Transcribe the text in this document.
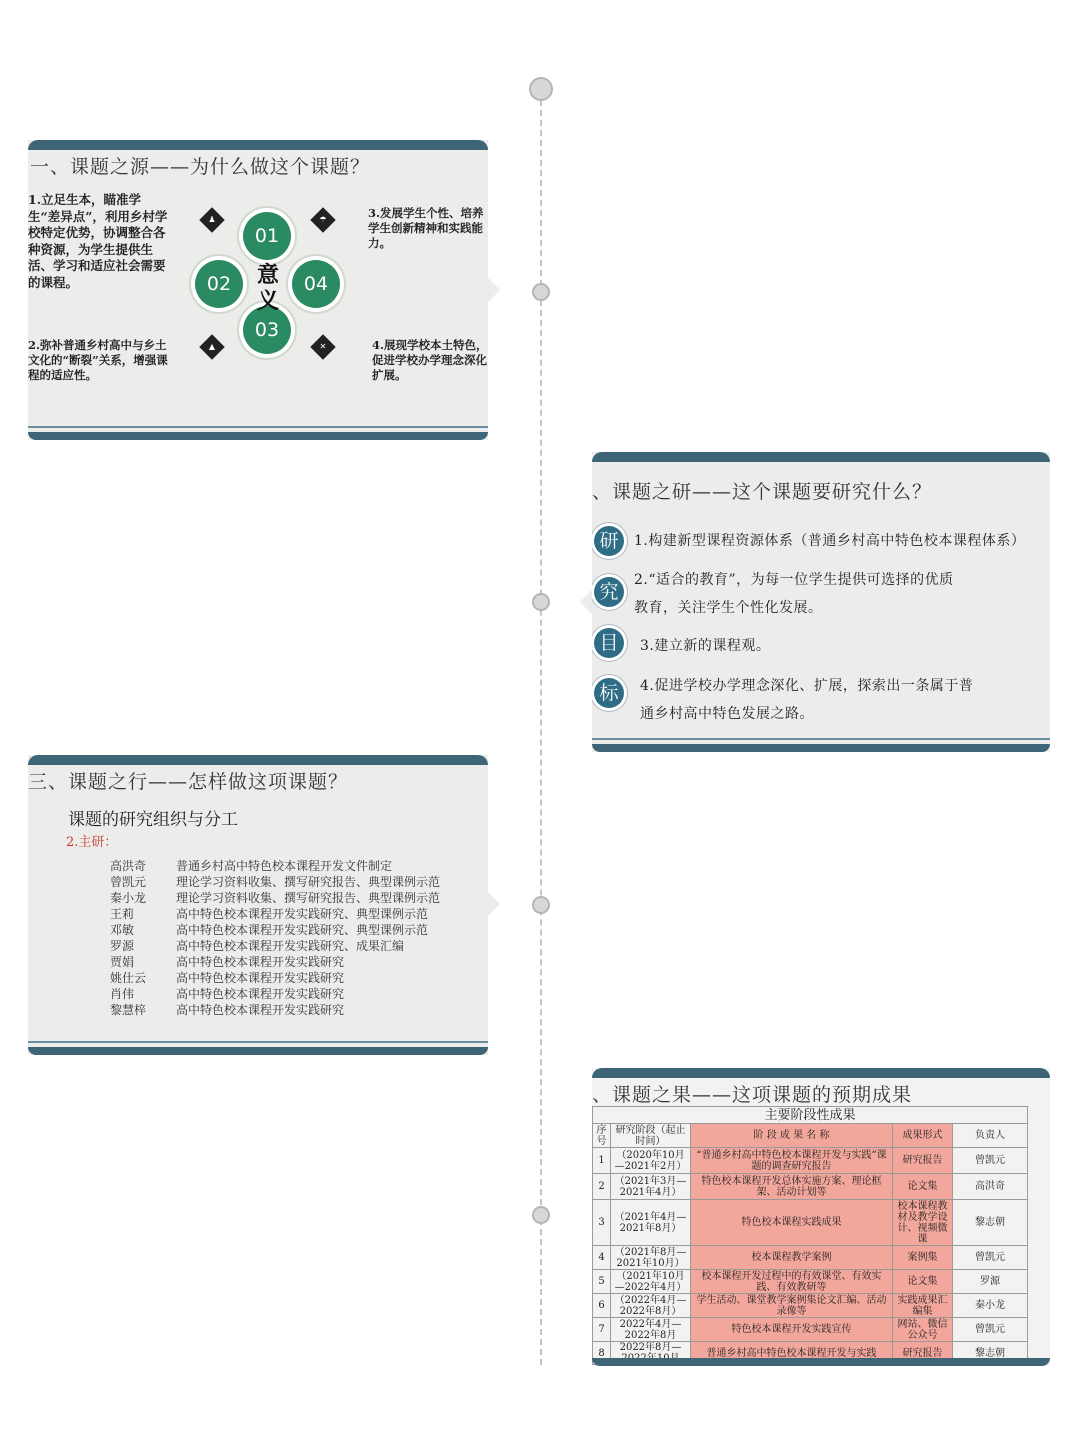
一、课题之源——为什么做这个课题？
1.立足生本，瞄准学生“差异点”，利用乡村学校特定优势，协调整合各种资源，为学生提供生活、学习和适应社会需要的课程。
2.弥补普通乡村高中与乡土文化的“断裂”关系，增强课程的适应性。
3.发展学生个性、培养学生创新精神和实践能力。
4.展现学校本土特色，促进学校办学理念深化扩展。
01
02
03
04
意
义
♟	☂
▲	✕
、课题之研——这个课题要研究什么？
研
究
目
标
1.构建新型课程资源体系（普通乡村高中特色校本课程体系）
2.“适合的教育”，为每一位学生提供可选择的优质
教育，关注学生个性化发展。
3.建立新的课程观。
4.促进学校办学理念深化、扩展，探索出一条属于普
通乡村高中特色发展之路。
三、课题之行——怎样做这项课题？
课题的研究组织与分工
2.主研：
高洪奇 普通乡村高中特色校本课程开发文件制定
曾凯元 理论学习资料收集、撰写研究报告、典型课例示范
秦小龙 理论学习资料收集、撰写研究报告、典型课例示范
王莉	高中特色校本课程开发实践研究、典型课例示范
邓敏	高中特色校本课程开发实践研究、典型课例示范
罗源	高中特色校本课程开发实践研究、成果汇编
贾娟	高中特色校本课程开发实践研究
姚仕云 高中特色校本课程开发实践研究
肖伟	高中特色校本课程开发实践研究
黎慧梓 高中特色校本课程开发实践研究
、课题之果——这项课题的预期成果
主要阶段性成果				
序号	研究阶段（起止时间）	阶 段 成 果 名 称	成果形式	负责人
1	（2020年10月—2021年2月）	“普通乡村高中特色校本课程开发与实践”课题的调查研究报告	研究报告	曾凯元
2	（2021年3月—2021年4月）	特色校本课程开发总体实施方案、理论框架、活动计划等	论文集	高洪奇
3	（2021年4月—2021年8月）	特色校本课程实践成果	校本课程教材及教学设计、视频微课	黎志朝
4	（2021年8月—2021年10月）	校本课程教学案例	案例集	曾凯元
5	（2021年10月—2022年4月）	校本课程开发过程中的有效课堂、有效实践、有效教研等	论文集	罗源
6	（2022年4月—2022年8月）	学生活动、课堂教学案例集论文汇编、活动录像等	实践成果汇编集	秦小龙
7	2022年4月—2022年8月	特色校本课程开发实践宣传	网站、微信公众号	曾凯元
8	2022年8月—	普通乡村高中特色校本课程开发与实践	研究报告	黎志朝
